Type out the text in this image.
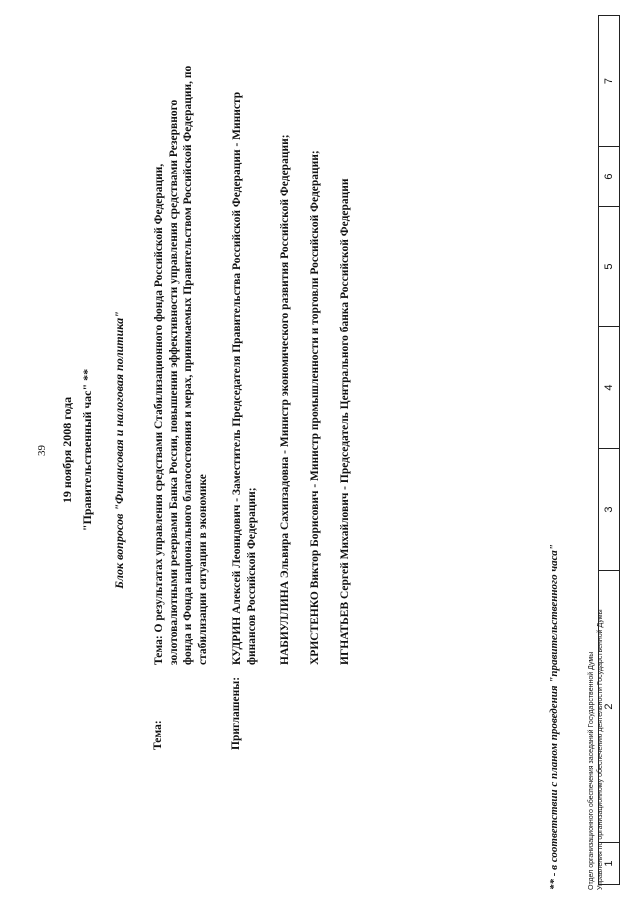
39 19 ноября 2008 года "Правительственный час" ** Блок вопросов "Финансовая и налоговая политика"
Тема:
Тема: О результатах управления средствами Стабилизационного фонда Российской Федерации, золотовалютными резервами Банка России, повышении эффективности управления средствами Резервного фонда и Фонда национального благосостояния и мерах, принимаемых Правительством Российской Федерации, по стабилизации ситуации в экономике
Приглашены:
КУДРИН Алексей Леонидович - Заместитель Председателя Правительства Российской Федерации - Министр финансов Российской Федерации; НАБИУЛЛИНА Эльвира Сахипзадовна - Министр экономического развития Российской Федерации; ХРИСТЕНКО Виктор Борисович - Министр промышленности и торговли Российской Федерации; ИГНАТЬЕВ Сергей Михайлович - Председатель Центрального банка Российской Федерации
** - в соответствии с планом проведения "правительственного часа"	Отдел организационного обеспечения заседаний Государственной Думы Управления по организационному обеспечению деятельности Государственной Думы 1
2
3
4
5
6
7
